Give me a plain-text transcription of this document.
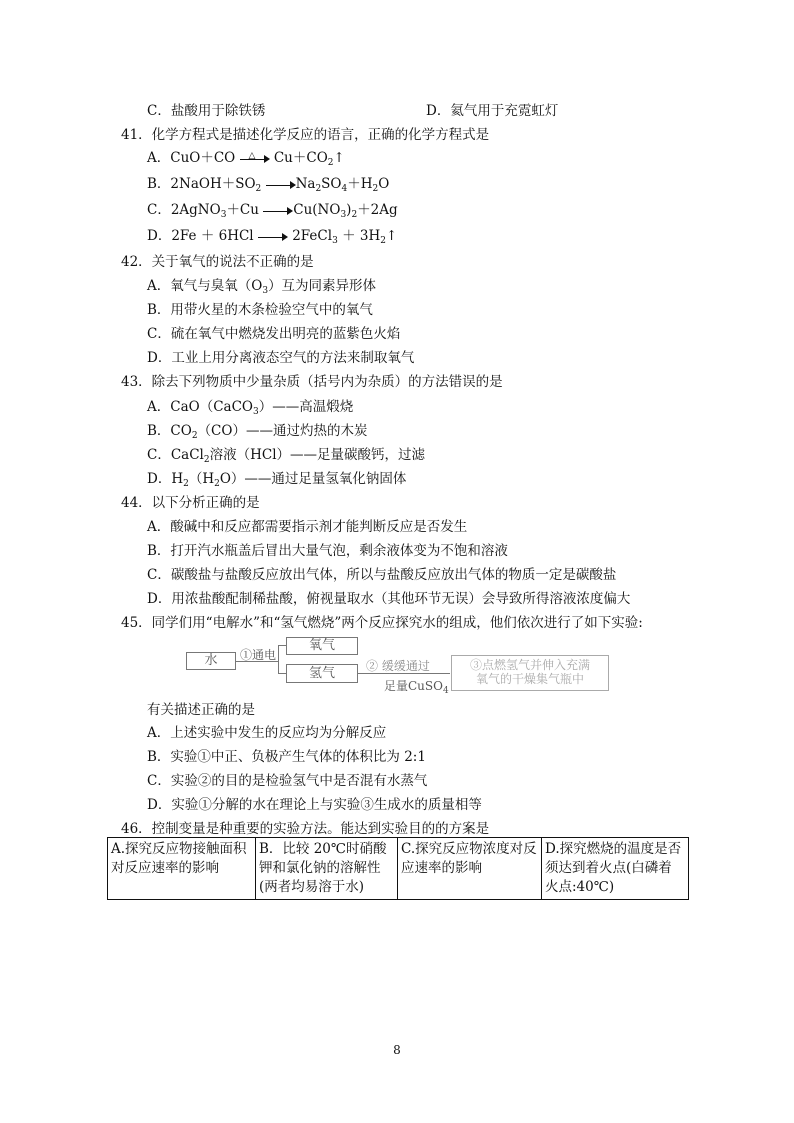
C．盐酸用于除铁锈	D．氦气用于充霓虹灯
41．化学方程式是描述化学反应的语言，正确的化学方程式是
A．CuO＋CO △ $Cu+CO_2↑$
B．$2NaOH+SO_2$	$Na_2SO_4+H_2O$
C．2AgNO$_3$＋Cu	$Cu(NO_3)_2+2Ag$
D．2Fe ＋ 6HCl	2FeCl$_3$ ＋ $3H_2↑$
42．关于氧气的说法不正确的是
A．氧气与臭氧$(O_3)$互为同素异形体
B．用带火星的木条检验空气中的氧气
C．硫在氧气中燃烧发出明亮的蓝紫色火焰
D．工业上用分离液态空气的方法来制取氧气
43．除去下列物质中少量杂质（括号内为杂质）的方法错误的是
A．CaO（CaCO$_3$）——高温煅烧
B．$CO_2(CO)——$通过灼热的木炭
C．CaCl$_2$溶液（HCl）——足量碳酸钙，过滤
D．$H_2(H_2O)——$通过足量氢氧化钠固体
44．以下分析正确的是
A．酸碱中和反应都需要指示剂才能判断反应是否发生
B．打开汽水瓶盖后冒出大量气泡，剩余液体变为不饱和溶液
C．碳酸盐与盐酸反应放出气体，所以与盐酸反应放出气体的物质一定是碳酸盐
D．用浓盐酸配制稀盐酸，俯视量取水（其他环节无误）会导致所得溶液浓度偏大
45．同学们用“电解水”和“氢气燃烧”两个反应探究水的组成，他们依次进行了如下实验:
水	①通电
氧气
氢气	② 缓缓通过
足量CuSO$_4$
③点燃氢气并伸入充满
氧气的干燥集气瓶中
有关描述正确的是
A．上述实验中发生的反应均为分解反应
B．实验①中正、负极产生气体的体积比为 2:1
C．实验②的目的是检验氢气中是否混有水蒸气
D．实验①分解的水在理论上与实验③生成水的质量相等
46．控制变量是种重要的实验方法。能达到实验目的的方案是
A.探究反应物接触面积对反应速率的影响	B．比较 20℃时硝酸钾和氯化钠的溶解性(两者均易溶于水)	C.探究反应物浓度对反应速率的影响	D.探究燃烧的温度是否须达到着火点(白磷着火点:40℃)
8
